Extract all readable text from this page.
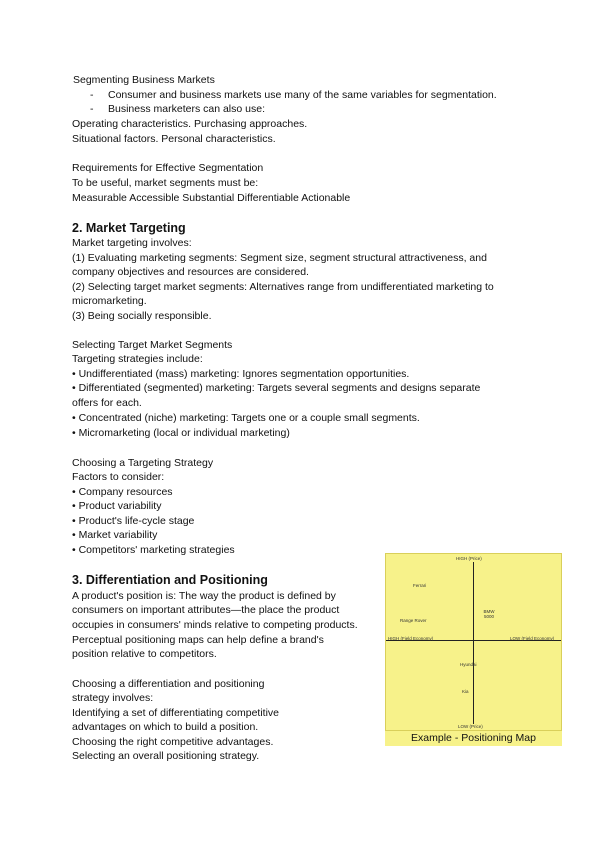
Segmenting Business Markets
- Consumer and business markets use many of the same variables for segmentation.
- Business marketers can also use:
Operating characteristics. Purchasing approaches.
Situational factors. Personal characteristics.
Requirements for Effective Segmentation
To be useful, market segments must be:
Measurable Accessible Substantial Differentiable Actionable
2. Market Targeting
Market targeting involves:
(1) Evaluating marketing segments: Segment size, segment structural attractiveness, and
company objectives and resources are considered.
(2) Selecting target market segments: Alternatives range from undifferentiated marketing to
micromarketing.
(3) Being socially responsible.
Selecting Target Market Segments
Targeting strategies include:
• Undifferentiated (mass) marketing: Ignores segmentation opportunities.
• Differentiated (segmented) marketing: Targets several segments and designs separate
offers for each.
• Concentrated (niche) marketing: Targets one or a couple small segments.
• Micromarketing (local or individual marketing)
Choosing a Targeting Strategy
Factors to consider:
• Company resources
• Product variability
• Product's life-cycle stage
• Market variability
• Competitors' marketing strategies
3. Differentiation and Positioning
A product's position is: The way the product is defined by
consumers on important attributes—the place the product
occupies in consumers' minds relative to competing products.
Perceptual positioning maps can help define a brand's
position relative to competitors.
Choosing a differentiation and positioning
strategy involves:
Identifying a set of differentiating competitive
advantages on which to build a position.
Choosing the right competitive advantages.
Selecting an overall positioning strategy.
HIGH (Price)
LOW (Price)
HIGH (Field Economy)	LOW (Field Economy)
Ferrari
Range Rover
BMW 5000
Hyundai
Kia
Example - Positioning Map
